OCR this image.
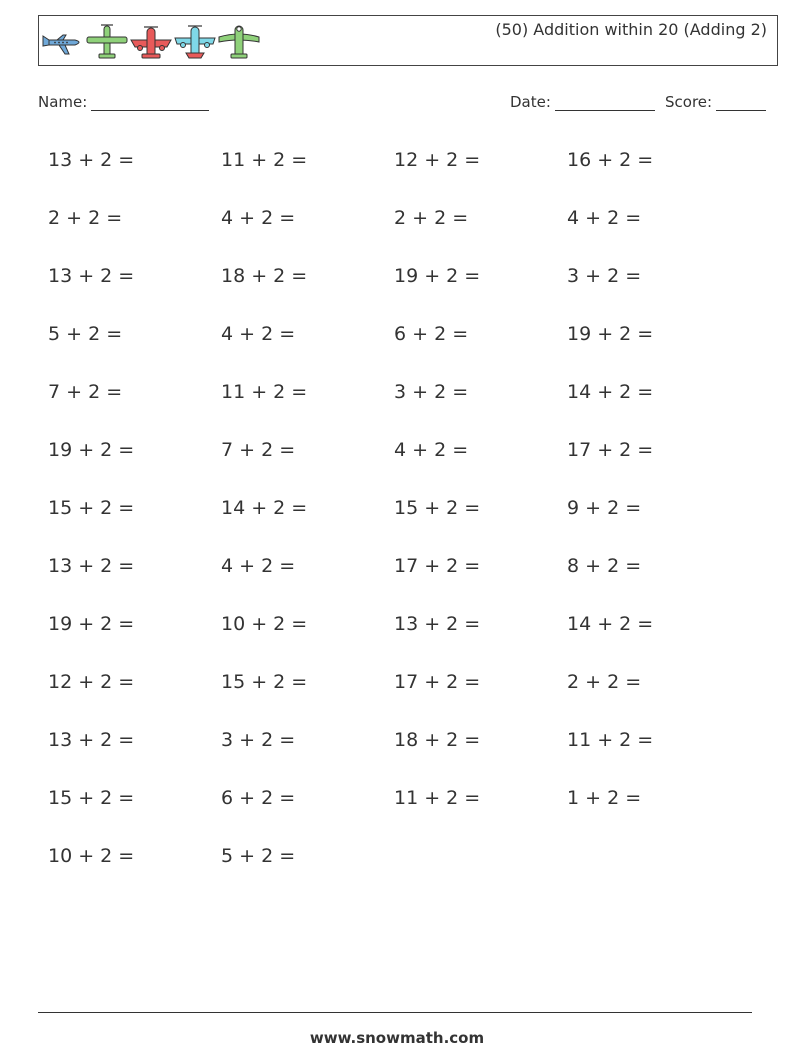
(50) Addition within 20 (Adding 2)
Name:	Date:	Score:
13 + 2 =	11 + 2 =	12 + 2 =	16 + 2 =
2 + 2 =	4 + 2 =	2 + 2 =	4 + 2 =
13 + 2 =	18 + 2 =	19 + 2 =	3 + 2 =
5 + 2 =	4 + 2 =	6 + 2 =	19 + 2 =
7 + 2 =	11 + 2 =	3 + 2 =	14 + 2 =
19 + 2 =	7 + 2 =	4 + 2 =	17 + 2 =
15 + 2 =	14 + 2 =	15 + 2 =	9 + 2 =
13 + 2 =	4 + 2 =	17 + 2 =	8 + 2 =
19 + 2 =	10 + 2 =	13 + 2 =	14 + 2 =
12 + 2 =	15 + 2 =	17 + 2 =	2 + 2 =
13 + 2 =	3 + 2 =	18 + 2 =	11 + 2 =
15 + 2 =	6 + 2 =	11 + 2 =	1 + 2 =
10 + 2 =	5 + 2 =
www.snowmath.com
